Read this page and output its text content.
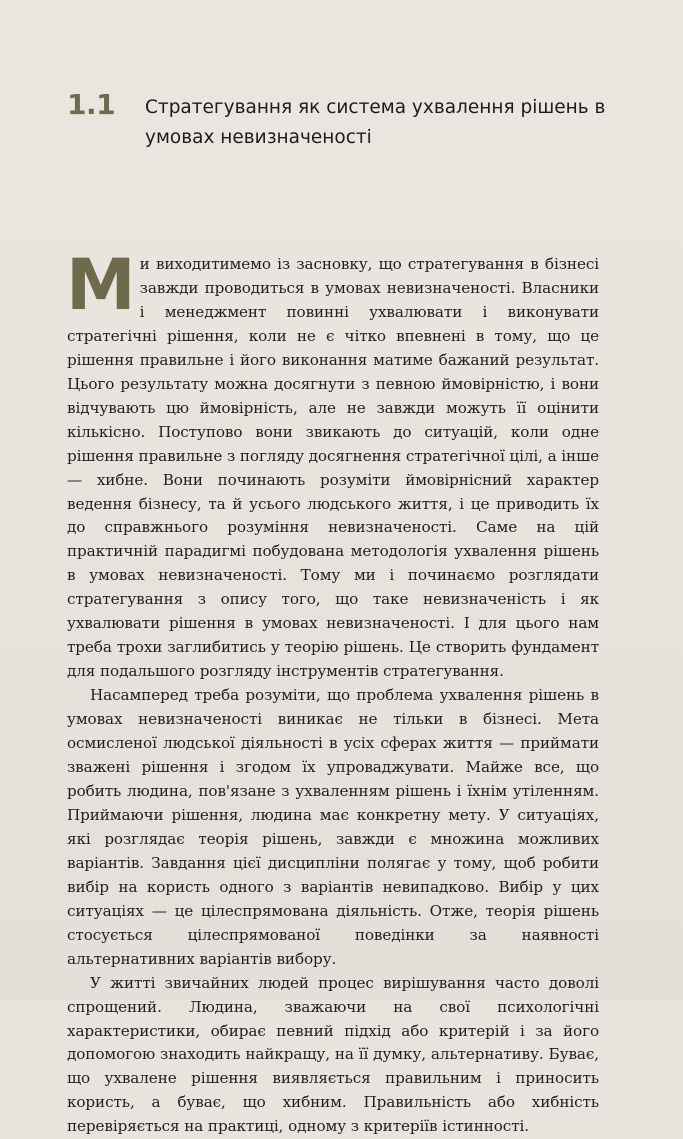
1.1 Стратегування як система ухвалення рішень в умовах невизначеності

Ми виходитимемо із засновку, що стратегування в бізнесі завжди проводиться в умовах невизначеності. Власники і менеджмент повинні ухвалювати і виконувати стратегічні рішення, коли не є чітко впевнені в тому, що це рішення правильне і його виконання матиме бажаний результат. Цього результату можна досягнути з певною ймовірністю, і вони відчувають цю ймовірність, але не завжди можуть її оцінити кількісно. Поступово вони звикають до ситуацій, коли одне рішення правильне з погляду досягнення стратегічної цілі, а інше — хибне. Вони починають розуміти ймовірнісний характер ведення бізнесу, та й усього людського життя, і це приводить їх до справжнього розуміння невизначеності. Саме на цій практичній парадигмі побудована методологія ухвалення рішень в умовах невизначеності. Тому ми і починаємо розглядати стратегування з опису того, що таке невизначеність і як ухвалювати рішення в умовах невизначеності. І для цього нам треба трохи заглибитись у теорію рішень. Це створить фундамент для подальшого розгляду інструментів стратегування.

Насамперед треба розуміти, що проблема ухвалення рішень в умовах невизначеності виникає не тільки в бізнесі. Мета осмисленої людської діяльності в усіх сферах життя — приймати зважені рішення і згодом їх упроваджувати. Майже все, що робить людина, пов'язане з ухваленням рішень і їхнім утіленням. Приймаючи рішення, людина має конкретну мету. У ситуаціях, які розглядає теорія рішень, завжди є множина можливих варіантів. Завдання цієї дисципліни полягає у тому, щоб робити вибір на користь одного з варіантів невипадково. Вибір у цих ситуаціях — це цілеспрямована діяльність. Отже, теорія рішень стосується цілеспрямованої поведінки за наявності альтернативних варіантів вибору.

У житті звичайних людей процес вирішування часто доволі спрощений. Людина, зважаючи на свої психологічні характеристики, обирає певний підхід або критерій і за його допомогою знаходить найкращу, на її думку, альтернативу. Буває, що ухвалене рішення виявляється правильним і приносить користь, а буває, що хибним. Правильність або хибність перевіряється на практиці, одному з критеріїв істинності.
